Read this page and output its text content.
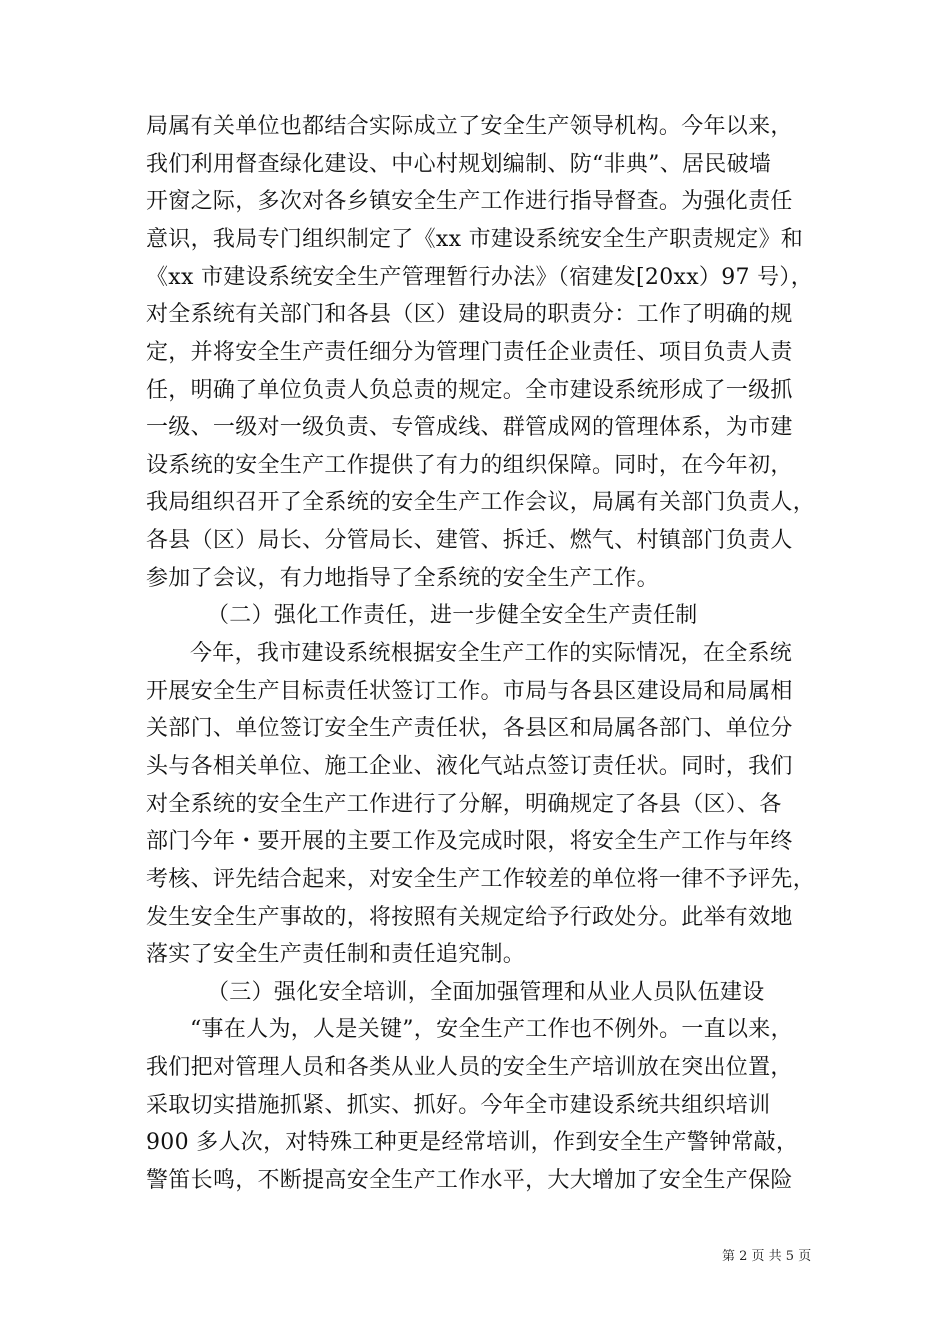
局属有关单位也都结合实际成立了安全生产领导机构。今年以来，
我们利用督查绿化建设、中心村规划编制、防“非典”、居民破墙
开窗之际，多次对各乡镇安全生产工作进行指导督查。为强化责任
意识，我局专门组织制定了《xx 市建设系统安全生产职责规定》和
《xx 市建设系统安全生产管理暂行办法》（宿建发[20xx）97 号），
对全系统有关部门和各县（区）建设局的职责分：工作了明确的规
定，并将安全生产责任细分为管理门责任企业责任、项目负责人责
任，明确了单位负责人负总责的规定。全市建设系统形成了一级抓
一级、一级对一级负责、专管成线、群管成网的管理体系，为市建
设系统的安全生产工作提供了有力的组织保障。同时，在今年初，
我局组织召开了全系统的安全生产工作会议，局属有关部门负责人，
各县（区）局长、分管局长、建管、拆迁、燃气、村镇部门负责人
参加了会议，有力地指导了全系统的安全生产工作。
（二）强化工作责任，进一步健全安全生产责任制
今年，我市建设系统根据安全生产工作的实际情况，在全系统
开展安全生产目标责任状签订工作。市局与各县区建设局和局属相
关部门、单位签订安全生产责任状，各县区和局属各部门、单位分
头与各相关单位、施工企业、液化气站点签订责任状。同时，我们
对全系统的安全生产工作进行了分解，明确规定了各县（区）、各
部门今年・要开展的主要工作及完成时限，将安全生产工作与年终
考核、评先结合起来，对安全生产工作较差的单位将一律不予评先，
发生安全生产事故的，将按照有关规定给予行政处分。此举有效地
落实了安全生产责任制和责任追究制。
（三）强化安全培训，全面加强管理和从业人员队伍建设
“事在人为，人是关键”，安全生产工作也不例外。一直以来，
我们把对管理人员和各类从业人员的安全生产培训放在突出位置，
采取切实措施抓紧、抓实、抓好。今年全市建设系统共组织培训
900 多人次，对特殊工种更是经常培训，作到安全生产警钟常敲，
警笛长鸣，不断提高安全生产工作水平，大大增加了安全生产保险
第 2 页 共 5 页
